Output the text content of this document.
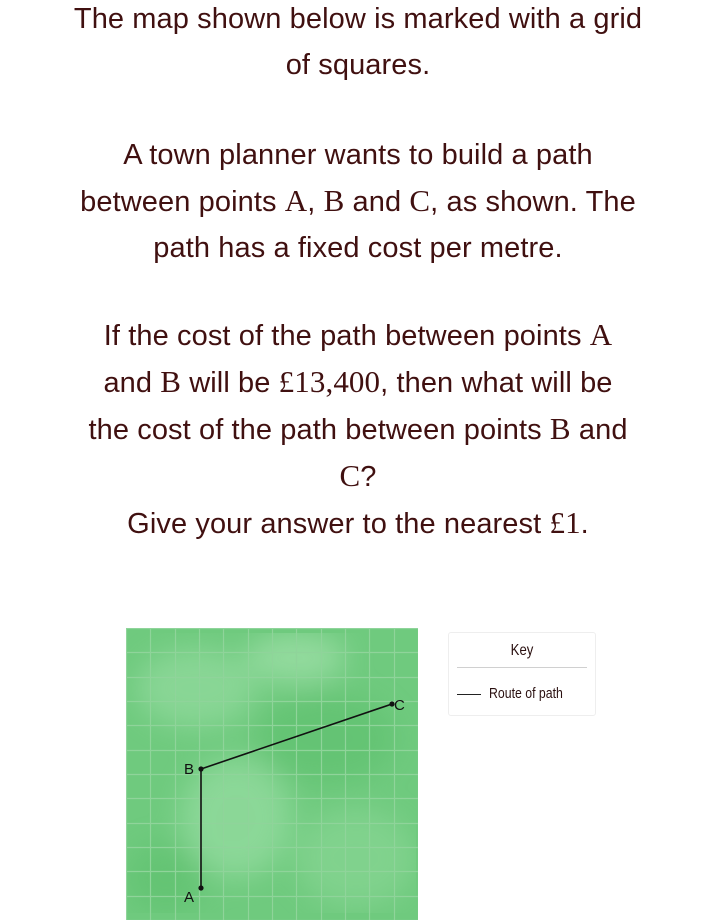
The map shown below is marked with a grid
of squares.
A town planner wants to build a path
between points A, B and C, as shown. The
path has a fixed cost per metre.
If the cost of the path between points A
and B will be £13,400, then what will be
the cost of the path between points B and
C?
Give your answer to the nearest £1.
A
B
C
Key
Route of path
